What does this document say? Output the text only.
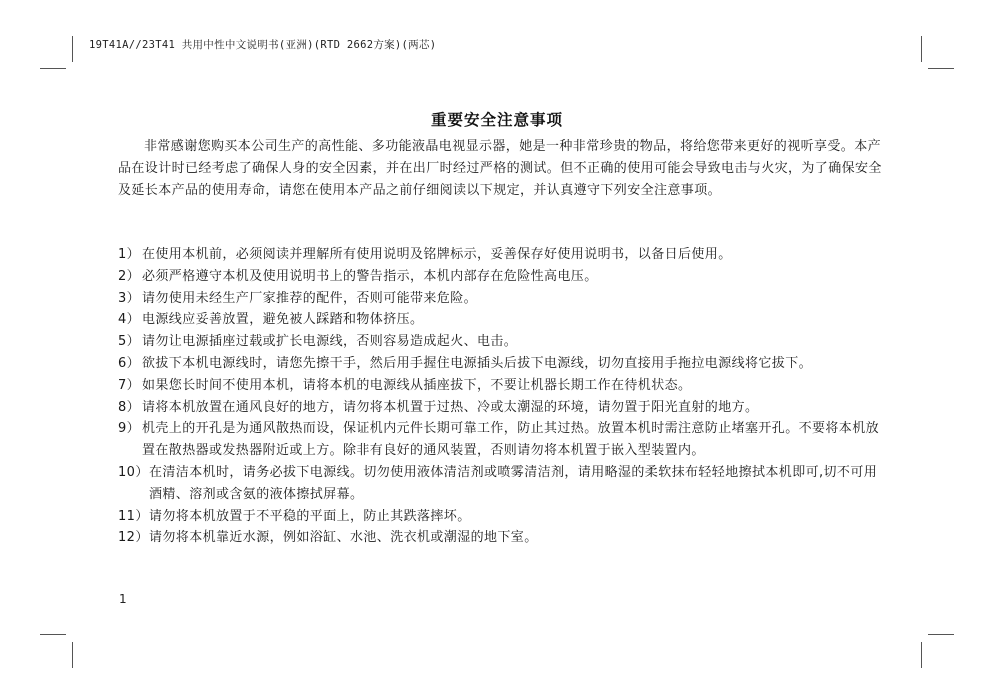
19T41A//23T41 共用中性中文说明书(亚洲)(RTD 2662方案)(两芯)
重要安全注意事项

非常感谢您购买本公司生产的高性能、多功能液晶电视显示器，她是一种非常珍贵的物品，将给您带来更好的视听享受。本产品在设计时已经考虑了确保人身的安全因素，并在出厂时经过严格的测试。但不正确的使用可能会导致电击与火灾，为了确保安全及延长本产品的使用寿命，请您在使用本产品之前仔细阅读以下规定，并认真遵守下列安全注意事项。

1） 在使用本机前，必须阅读并理解所有使用说明及铭牌标示，妥善保存好使用说明书，以备日后使用。
2） 必须严格遵守本机及使用说明书上的警告指示，本机内部存在危险性高电压。
3） 请勿使用未经生产厂家推荐的配件，否则可能带来危险。
4） 电源线应妥善放置，避免被人踩踏和物体挤压。
5） 请勿让电源插座过载或扩长电源线，否则容易造成起火、电击。
6） 欲拔下本机电源线时，请您先擦干手，然后用手握住电源插头后拔下电源线，切勿直接用手拖拉电源线将它拔下。
7） 如果您长时间不使用本机，请将本机的电源线从插座拔下，不要让机器长期工作在待机状态。
8） 请将本机放置在通风良好的地方，请勿将本机置于过热、冷或太潮湿的环境，请勿置于阳光直射的地方。
9） 机壳上的开孔是为通风散热而设，保证机内元件长期可靠工作，防止其过热。放置本机时需注意防止堵塞开孔。不要将本机放置在散热器或发热器附近或上方。除非有良好的通风装置，否则请勿将本机置于嵌入型装置内。
10） 在清洁本机时，请务必拔下电源线。切勿使用液体清洁剂或喷雾清洁剂，请用略湿的柔软抹布轻轻地擦拭本机即可,切不可用酒精、溶剂或含氨的液体擦拭屏幕。
11） 请勿将本机放置于不平稳的平面上，防止其跌落摔坏。
12） 请勿将本机靠近水源，例如浴缸、水池、洗衣机或潮湿的地下室。
1
